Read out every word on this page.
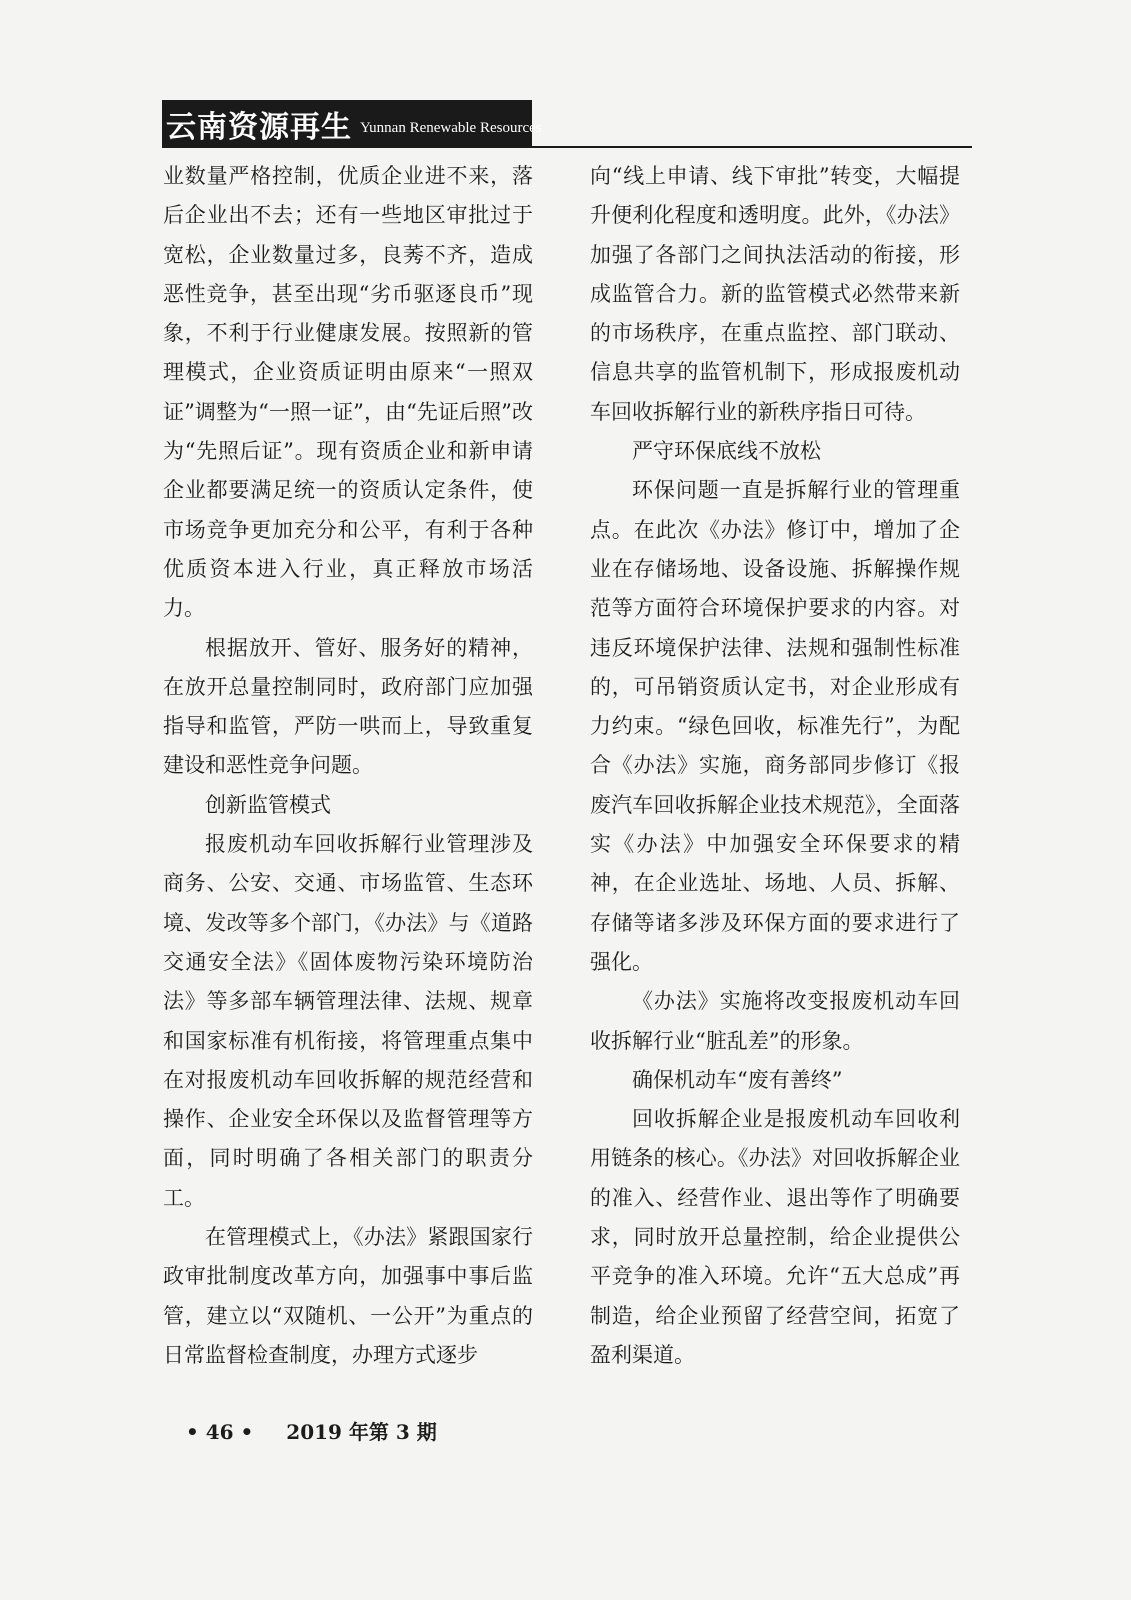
云南资源再生 Yunnan Renewable Resources

业数量严格控制，优质企业进不来，落后企业出不去；还有一些地区审批过于宽松，企业数量过多，良莠不齐，造成恶性竞争，甚至出现“劣币驱逐良币”现象，不利于行业健康发展。按照新的管理模式，企业资质证明由原来“一照双证”调整为“一照一证”，由“先证后照”改为“先照后证”。现有资质企业和新申请企业都要满足统一的资质认定条件，使市场竞争更加充分和公平，有利于各种优质资本进入行业，真正释放市场活力。

根据放开、管好、服务好的精神，在放开总量控制同时，政府部门应加强指导和监管，严防一哄而上，导致重复建设和恶性竞争问题。

创新监管模式

报废机动车回收拆解行业管理涉及商务、公安、交通、市场监管、生态环境、发改等多个部门，《办法》与《道路交通安全法》《固体废物污染环境防治法》等多部车辆管理法律、法规、规章和国家标准有机衔接，将管理重点集中在对报废机动车回收拆解的规范经营和操作、企业安全环保以及监督管理等方面，同时明确了各相关部门的职责分工。

在管理模式上，《办法》紧跟国家行政审批制度改革方向，加强事中事后监管，建立以“双随机、一公开”为重点的日常监督检查制度，办理方式逐步

向“线上申请、线下审批”转变，大幅提升便利化程度和透明度。此外，《办法》加强了各部门之间执法活动的衔接，形成监管合力。新的监管模式必然带来新的市场秩序，在重点监控、部门联动、信息共享的监管机制下，形成报废机动车回收拆解行业的新秩序指日可待。

严守环保底线不放松

环保问题一直是拆解行业的管理重点。在此次《办法》修订中，增加了企业在存储场地、设备设施、拆解操作规范等方面符合环境保护要求的内容。对违反环境保护法律、法规和强制性标准的，可吊销资质认定书，对企业形成有力约束。“绿色回收，标准先行”，为配合《办法》实施，商务部同步修订《报废汽车回收拆解企业技术规范》，全面落实《办法》中加强安全环保要求的精神，在企业选址、场地、人员、拆解、存储等诸多涉及环保方面的要求进行了强化。

《办法》实施将改变报废机动车回收拆解行业“脏乱差”的形象。

确保机动车“废有善终”

回收拆解企业是报废机动车回收利用链条的核心。《办法》对回收拆解企业的准入、经营作业、退出等作了明确要求，同时放开总量控制，给企业提供公平竞争的准入环境。允许“五大总成”再制造，给企业预留了经营空间，拓宽了盈利渠道。

• 46 • 2019 年第 3 期
